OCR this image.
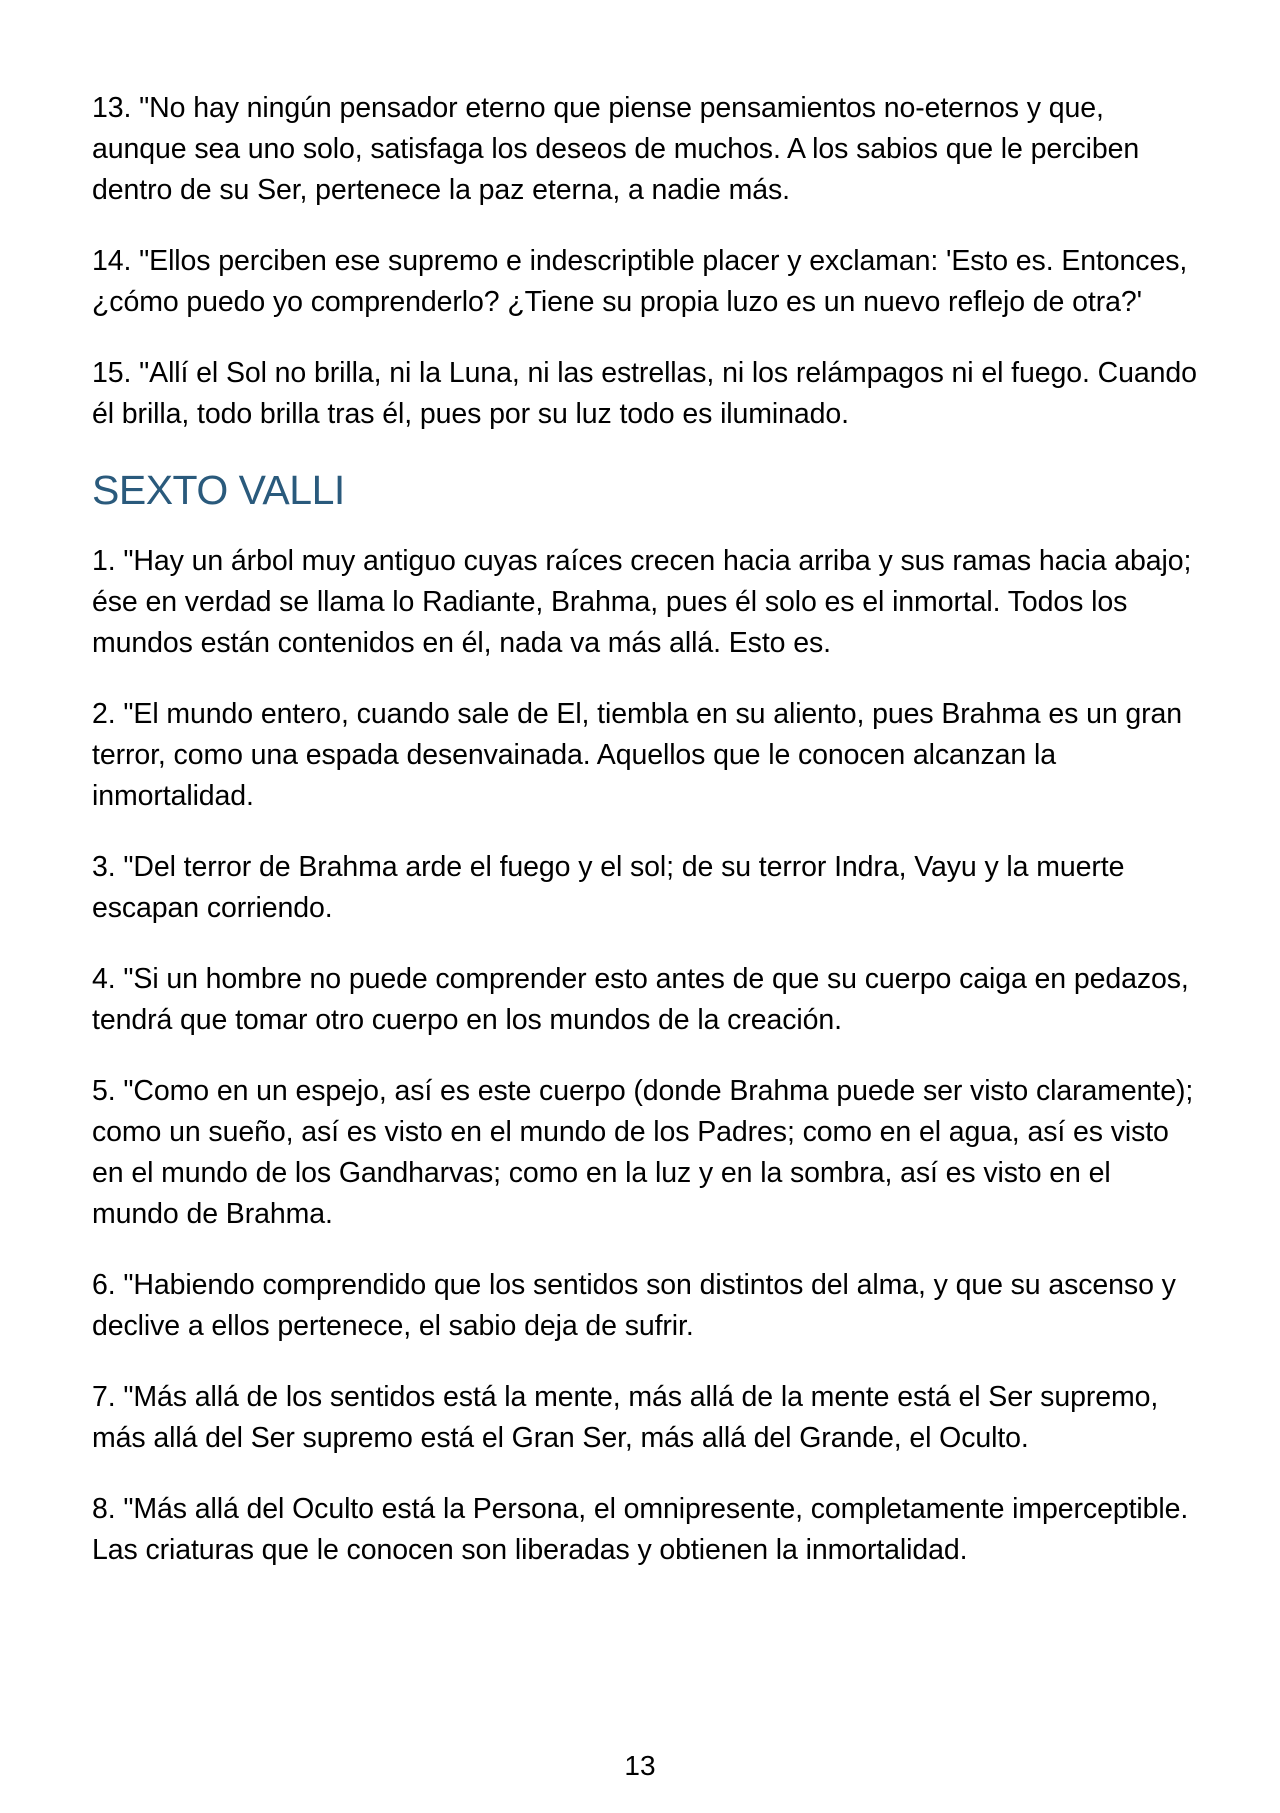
13. "No hay ningún pensador eterno que piense pensamientos no-eternos y que, aunque sea uno solo, satisfaga los deseos de muchos. A los sabios que le perciben dentro de su Ser, pertenece la paz eterna, a nadie más.

14. "Ellos perciben ese supremo e indescriptible placer y exclaman: 'Esto es. Entonces, ¿cómo puedo yo comprenderlo? ¿Tiene su propia luzo es un nuevo reflejo de otra?'

15. "Allí el Sol no brilla, ni la Luna, ni las estrellas, ni los relámpagos ni el fuego. Cuando él brilla, todo brilla tras él, pues por su luz todo es iluminado.

SEXTO VALLI

1. "Hay un árbol muy antiguo cuyas raíces crecen hacia arriba y sus ramas hacia abajo; ése en verdad se llama lo Radiante, Brahma, pues él solo es el inmortal. Todos los mundos están contenidos en él, nada va más allá. Esto es.

2. "El mundo entero, cuando sale de El, tiembla en su aliento, pues Brahma es un gran terror, como una espada desenvainada. Aquellos que le conocen alcanzan la inmortalidad.

3. "Del terror de Brahma arde el fuego y el sol; de su terror Indra, Vayu y la muerte escapan corriendo.

4. "Si un hombre no puede comprender esto antes de que su cuerpo caiga en pedazos, tendrá que tomar otro cuerpo en los mundos de la creación.

5. "Como en un espejo, así es este cuerpo (donde Brahma puede ser visto claramente); como un sueño, así es visto en el mundo de los Padres; como en el agua, así es visto en el mundo de los Gandharvas; como en la luz y en la sombra, así es visto en el mundo de Brahma.

6. "Habiendo comprendido que los sentidos son distintos del alma, y que su ascenso y declive a ellos pertenece, el sabio deja de sufrir.

7. "Más allá de los sentidos está la mente, más allá de la mente está el Ser supremo, más allá del Ser supremo está el Gran Ser, más allá del Grande, el Oculto.

8. "Más allá del Oculto está la Persona, el omnipresente, completamente imperceptible. Las criaturas que le conocen son liberadas y obtienen la inmortalidad.

13
